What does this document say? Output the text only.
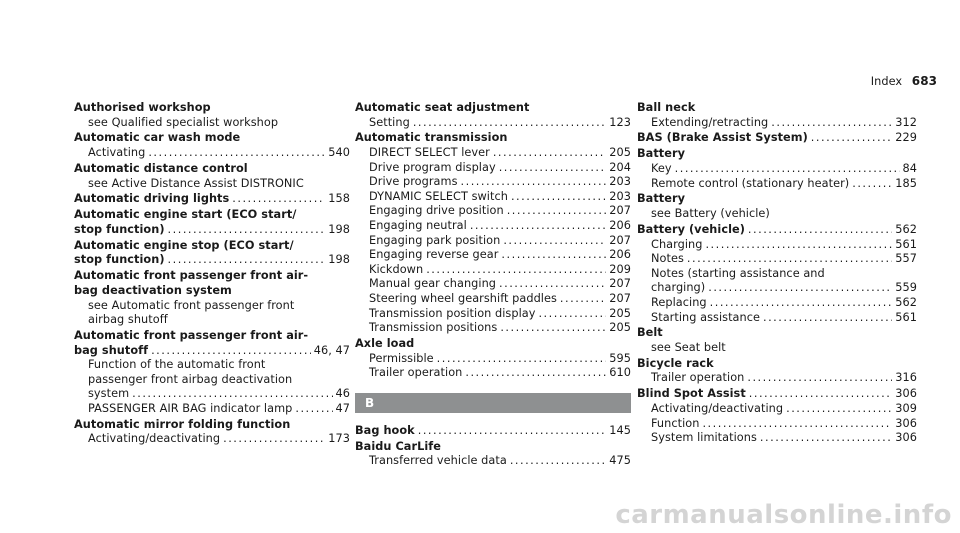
Index 683
Authorised workshop
see Qualified specialist workshop
Automatic car wash mode
Activating .....	540
Automatic distance control
see Active Distance Assist DISTRONIC
Automatic driving lights .....	158
Automatic engine start (ECO start/
stop function) .....	198
Automatic engine stop (ECO start/
stop function) .....	198
Automatic front passenger front air-
bag deactivation system
see Automatic front passenger front
airbag shutoff
Automatic front passenger front air-
bag shutoff .....	46, 47
Function of the automatic front
passenger front airbag deactivation
system .....	46
PASSENGER AIR BAG indicator lamp .....	47
Automatic mirror folding function
Activating/deactivating .....	173
Automatic seat adjustment
Setting .....	123
Automatic transmission
DIRECT SELECT lever .....	205
Drive program display .....	204
Drive programs .....	203
DYNAMIC SELECT switch .....	203
Engaging drive position .....	207
Engaging neutral .....	206
Engaging park position .....	207
Engaging reverse gear .....	206
Kickdown .....	209
Manual gear changing .....	207
Steering wheel gearshift paddles .....	207
Transmission position display .....	205
Transmission positions .....	205
Axle load
Permissible .....	595
Trailer operation .....	610
B
Bag hook .....	145
Baidu CarLife
Transferred vehicle data .....	475
Ball neck
Extending/retracting .....	312
BAS (Brake Assist System) .....	229
Battery
Key .....	84
Remote control (stationary heater) .....	185
Battery
see Battery (vehicle)
Battery (vehicle) .....	562
Charging .....	561
Notes .....	557
Notes (starting assistance and
charging) .....	559
Replacing .....	562
Starting assistance .....	561
Belt
see Seat belt
Bicycle rack
Trailer operation .....	316
Blind Spot Assist .....	306
Activating/deactivating .....	309
Function .....	306
System limitations .....	306
carmanualsonline.info
